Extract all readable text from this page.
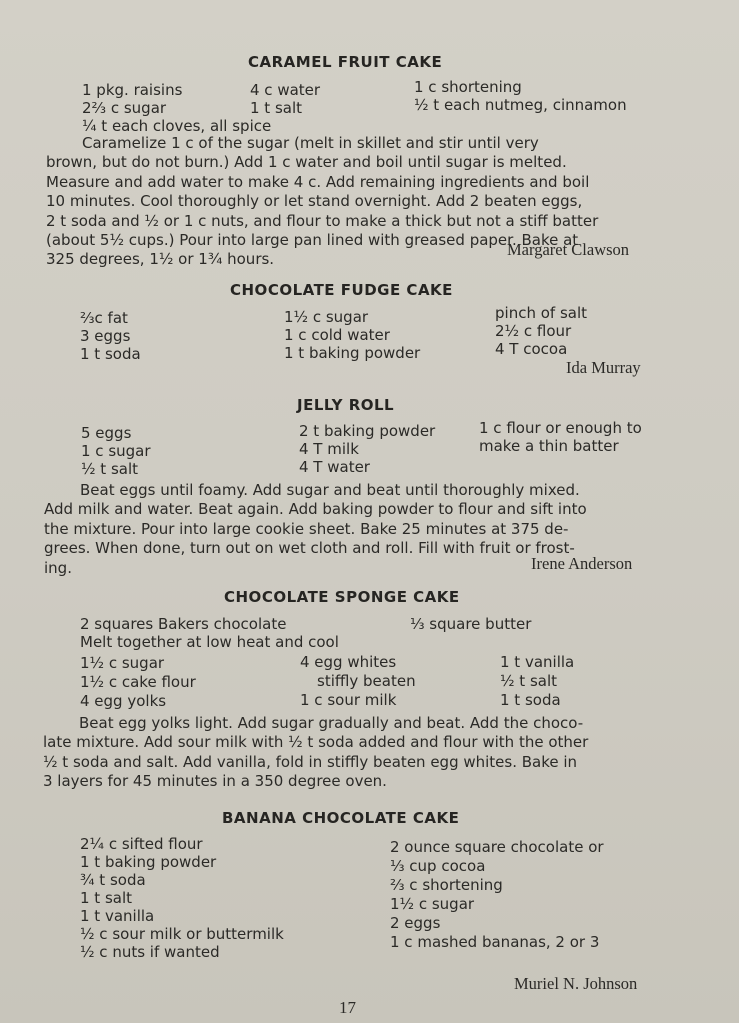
CARAMEL FRUIT CAKE
1 pkg. raisins
2⅔ c sugar
¼ t each cloves, all spice
4 c water
1 t salt
1 c shortening
½ t each nutmeg, cinnamon
Caramelize 1 c of the sugar (melt in skillet and stir until very
brown, but do not burn.) Add 1 c water and boil until sugar is melted.
Measure and add water to make 4 c. Add remaining ingredients and boil
10 minutes. Cool thoroughly or let stand overnight. Add 2 beaten eggs,
2 t soda and ½ or 1 c nuts, and flour to make a thick but not a stiff batter
(about 5½ cups.) Pour into large pan lined with greased paper. Bake at
325 degrees, 1½ or 1¾ hours.
Margaret Clawson
CHOCOLATE FUDGE CAKE
⅔c fat
3 eggs
1 t soda
1½ c sugar
1 c cold water
1 t baking powder
pinch of salt
2½ c flour
4 T cocoa
Ida Murray
JELLY ROLL
5 eggs
1 c sugar
½ t salt
2 t baking powder
4 T milk
4 T water
1 c flour or enough to
make a thin batter
Beat eggs until foamy. Add sugar and beat until thoroughly mixed.
Add milk and water. Beat again. Add baking powder to flour and sift into
the mixture. Pour into large cookie sheet. Bake 25 minutes at 375 de-
grees. When done, turn out on wet cloth and roll. Fill with fruit or frost-
ing.	Irene Anderson
CHOCOLATE SPONGE CAKE
2 squares Bakers chocolate
Melt together at low heat and cool
⅓ square butter
1½ c sugar
1½ c cake flour
4 egg yolks
4 egg whites
stiffly beaten
1 c sour milk
1 t vanilla
½ t salt
1 t soda
Beat egg yolks light. Add sugar gradually and beat. Add the choco-
late mixture. Add sour milk with ½ t soda added and flour with the other
½ t soda and salt. Add vanilla, fold in stiffly beaten egg whites. Bake in
3 layers for 45 minutes in a 350 degree oven.
BANANA CHOCOLATE CAKE
2¼ c sifted flour
1 t baking powder
¾ t soda
1 t salt
1 t vanilla
½ c sour milk or buttermilk
½ c nuts if wanted
2 ounce square chocolate or
⅓ cup cocoa
⅔ c shortening
1½ c sugar
2 eggs
1 c mashed bananas, 2 or 3
Muriel N. Johnson
17
